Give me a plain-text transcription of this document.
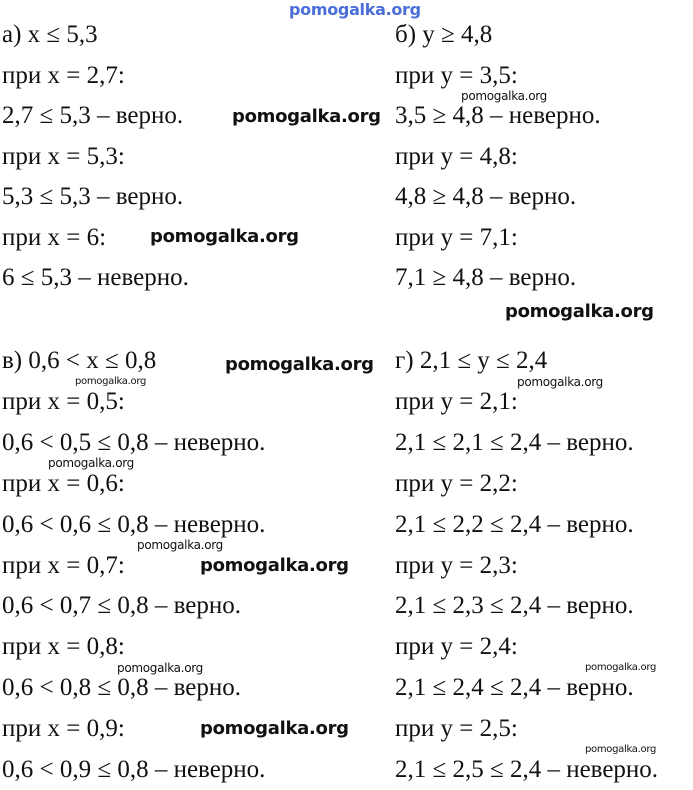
а) x ≤ 5,3
при x = 2,7:
2,7 ≤ 5,3 – верно.
при x = 5,3:
5,3 ≤ 5,3 – верно.
при x = 6:
6 ≤ 5,3 – неверно.
б) y ≥ 4,8
при y = 3,5:
3,5 ≥ 4,8 – неверно.
при y = 4,8:
4,8 ≥ 4,8 – верно.
при y = 7,1:
7,1 ≥ 4,8 – верно.
в) 0,6 < x ≤ 0,8
при x = 0,5:
0,6 < 0,5 ≤ 0,8 – неверно.
при x = 0,6:
0,6 < 0,6 ≤ 0,8 – неверно.
при x = 0,7:
0,6 < 0,7 ≤ 0,8 – верно.
при x = 0,8:
0,6 < 0,8 ≤ 0,8 – верно.
при x = 0,9:
0,6 < 0,9 ≤ 0,8 – неверно.
г) 2,1 ≤ y ≤ 2,4
при y = 2,1:
2,1 ≤ 2,1 ≤ 2,4 – верно.
при y = 2,2:
2,1 ≤ 2,2 ≤ 2,4 – верно.
при y = 2,3:
2,1 ≤ 2,3 ≤ 2,4 – верно.
при y = 2,4:
2,1 ≤ 2,4 ≤ 2,4 – верно.
при y = 2,5:
2,1 ≤ 2,5 ≤ 2,4 – неверно.
pomogalka.org
pomogalka.org
pomogalka.org
pomogalka.org
pomogalka.org
pomogalka.org
pomogalka.org
pomogalka.org
pomogalka.org
pomogalka.org
pomogalka.org
pomogalka.org	pomogalka.org
pomogalka.org
pomogalka.org
